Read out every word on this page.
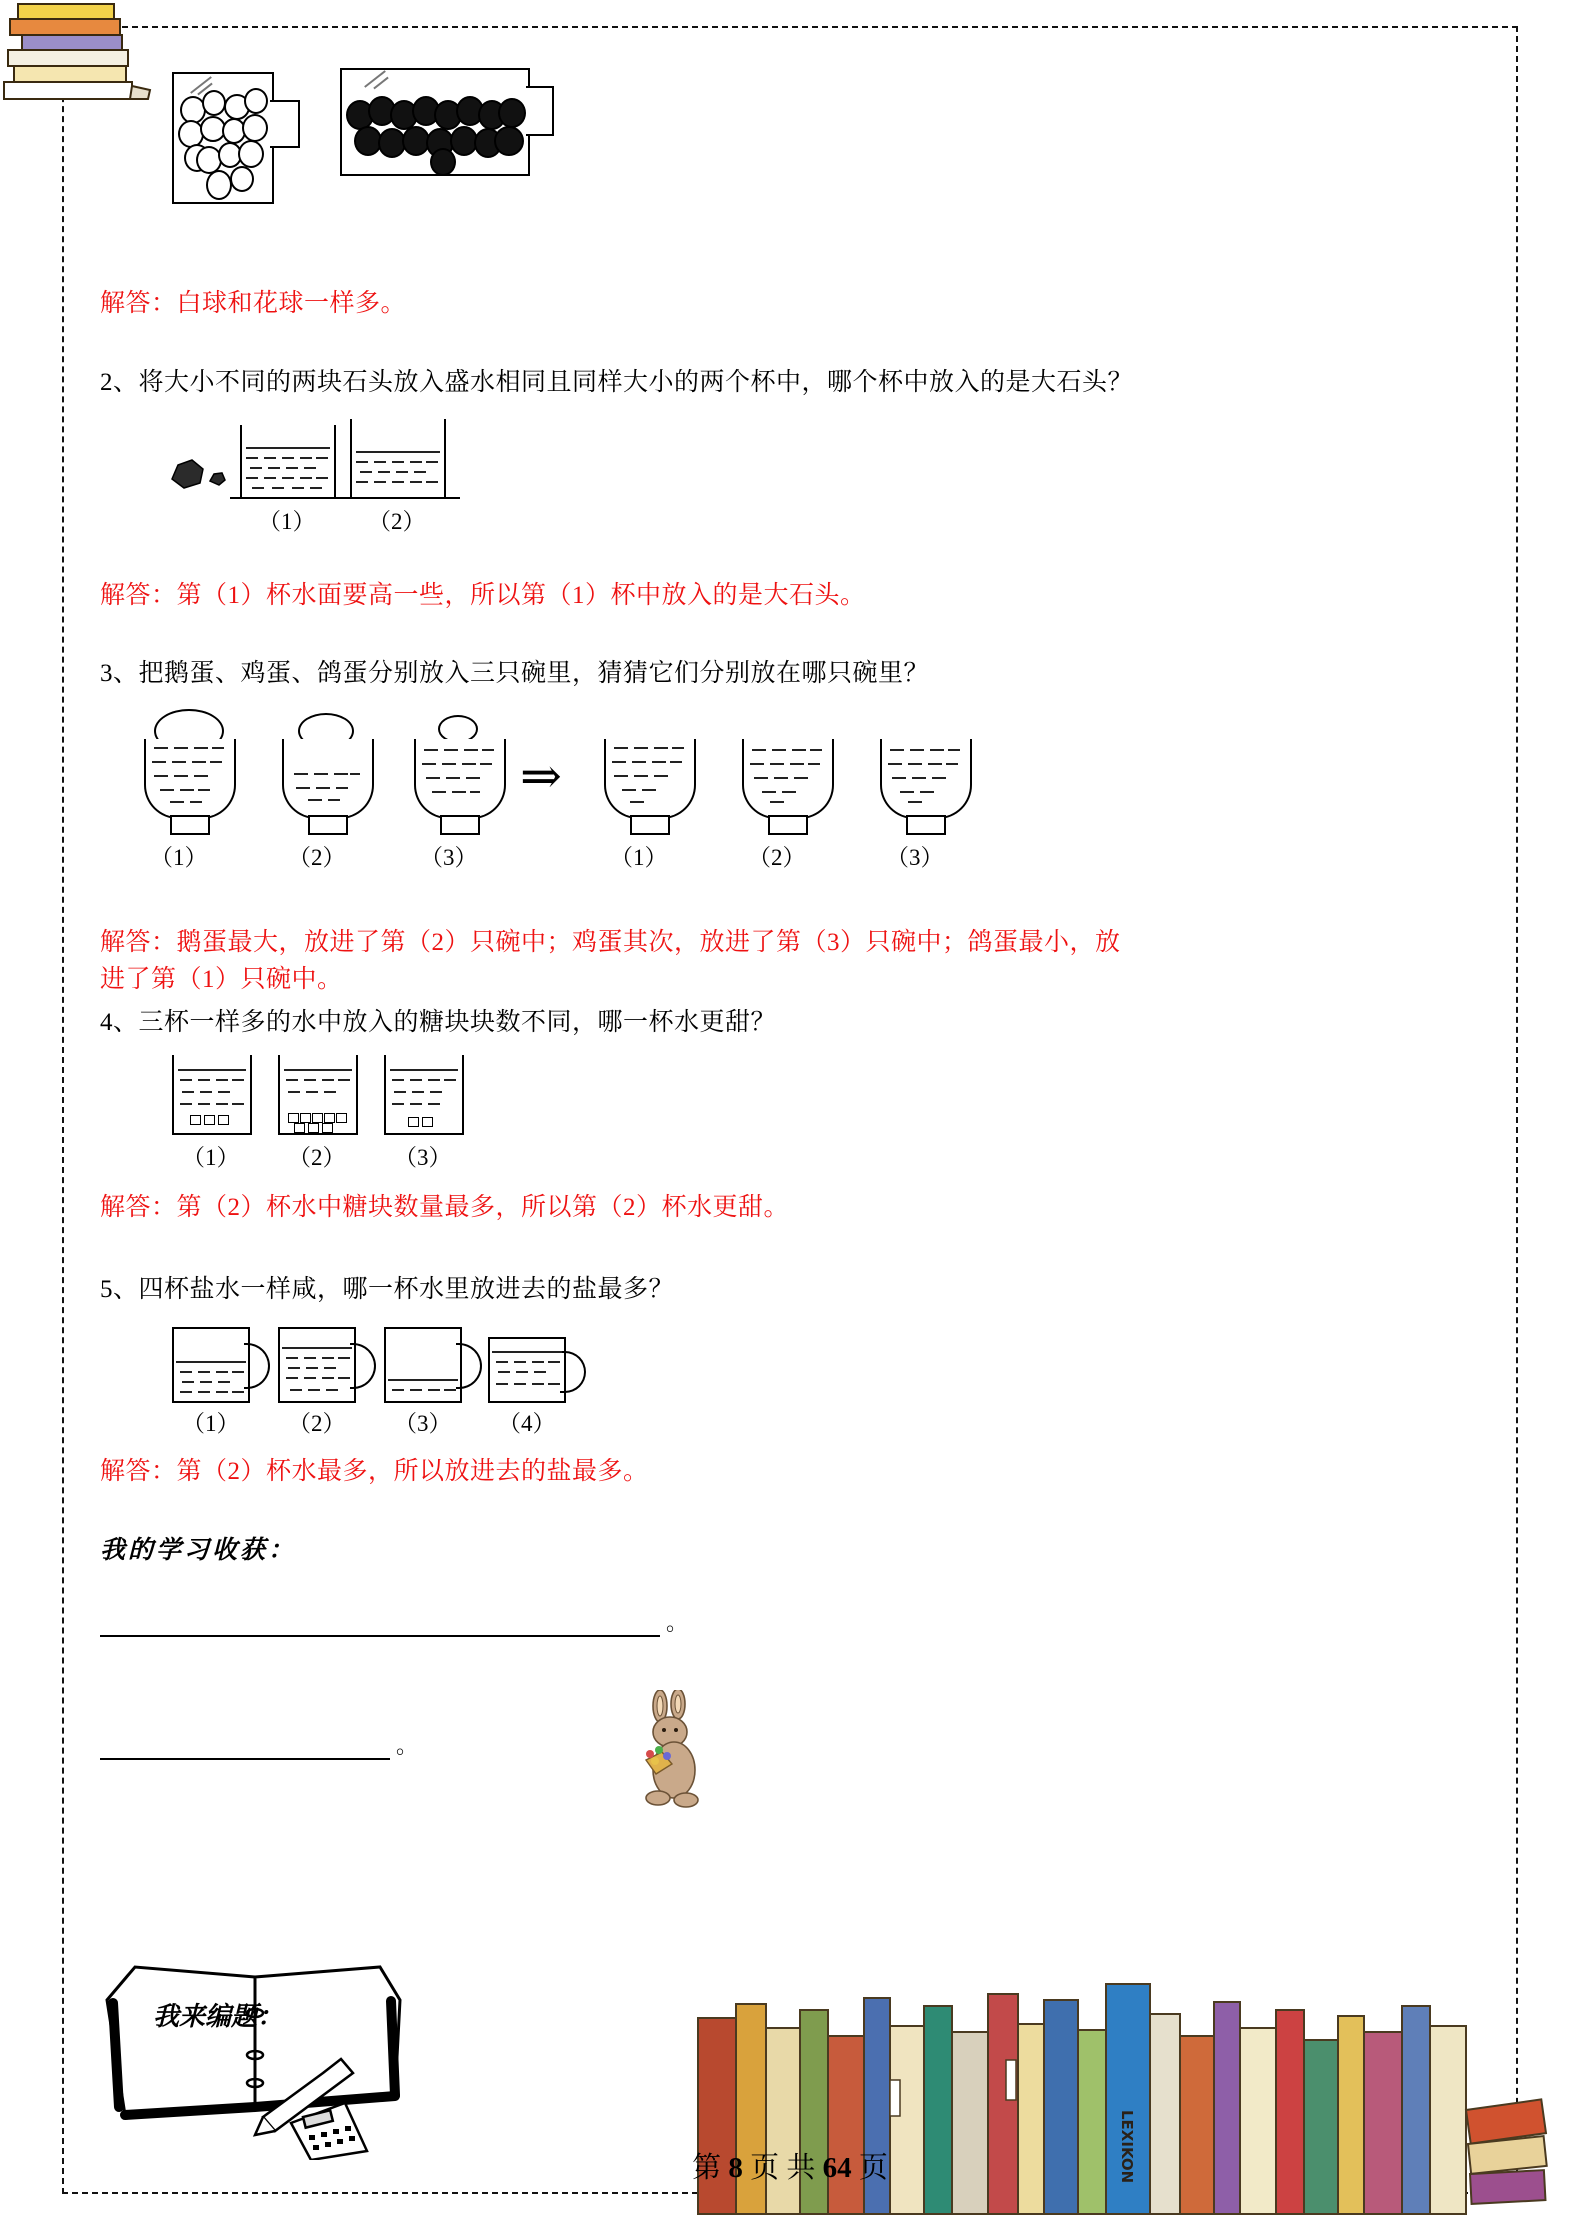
解答：白球和花球一样多。

2、将大小不同的两块石头放入盛水相同且同样大小的两个杯中，哪个杯中放入的是大石头？

（1） （2）

解答：第（1）杯水面要高一些，所以第（1）杯中放入的是大石头。

3、把鹅蛋、鸡蛋、鸽蛋分别放入三只碗里，猜猜它们分别放在哪只碗里？

⇒
（1）	（2）	（3）	（1）	（2）	（3）

解答：鹅蛋最大，放进了第（2）只碗中；鸡蛋其次，放进了第（3）只碗中；鸽蛋最小，放

进了第（1）只碗中。

4、三杯一样多的水中放入的糖块块数不同，哪一杯水更甜？

（1） （2） （3）

解答：第（2）杯水中糖块数量最多，所以第（2）杯水更甜。

5、四杯盐水一样咸，哪一杯水里放进去的盐最多？

（1） （2） （3） （4）

解答：第（2）杯水最多，所以放进去的盐最多。

我的学习收获：
。
。
我来编题：
LEXIKON
第 8 页 共 64 页
